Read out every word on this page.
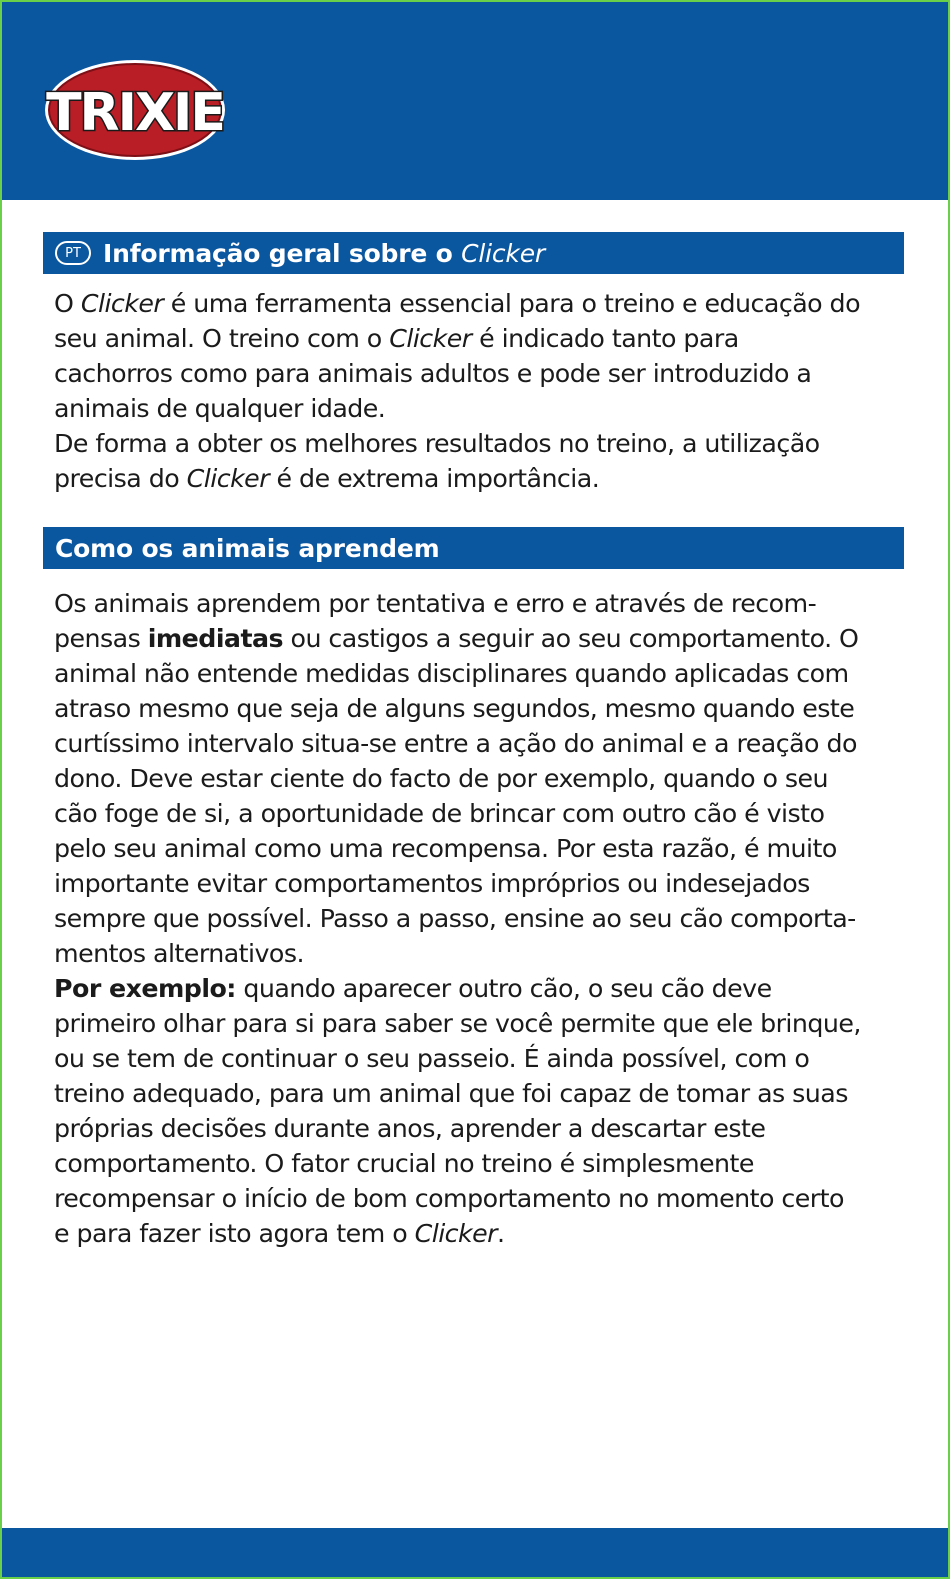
TRIXIE
PT Informação geral sobre o Clicker
O Clicker é uma ferramenta essencial para o treino e educação do
seu animal. O treino com o Clicker é indicado tanto para
cachorros como para animais adultos e pode ser introduzido a
animais de qualquer idade.
De forma a obter os melhores resultados no treino, a utilização
precisa do Clicker é de extrema importância.
Como os animais aprendem
Os animais aprendem por tentativa e erro e através de recom-
pensas imediatas ou castigos a seguir ao seu comportamento. O
animal não entende medidas disciplinares quando aplicadas com
atraso mesmo que seja de alguns segundos, mesmo quando este
curtíssimo intervalo situa-se entre a ação do animal e a reação do
dono. Deve estar ciente do facto de por exemplo, quando o seu
cão foge de si, a oportunidade de brincar com outro cão é visto
pelo seu animal como uma recompensa. Por esta razão, é muito
importante evitar comportamentos impróprios ou indesejados
sempre que possível. Passo a passo, ensine ao seu cão comporta-
mentos alternativos.
Por exemplo: quando aparecer outro cão, o seu cão deve
primeiro olhar para si para saber se você permite que ele brinque,
ou se tem de continuar o seu passeio. É ainda possível, com o
treino adequado, para um animal que foi capaz de tomar as suas
próprias decisões durante anos, aprender a descartar este
comportamento. O fator crucial no treino é simplesmente
recompensar o início de bom comportamento no momento certo
e para fazer isto agora tem o Clicker.
